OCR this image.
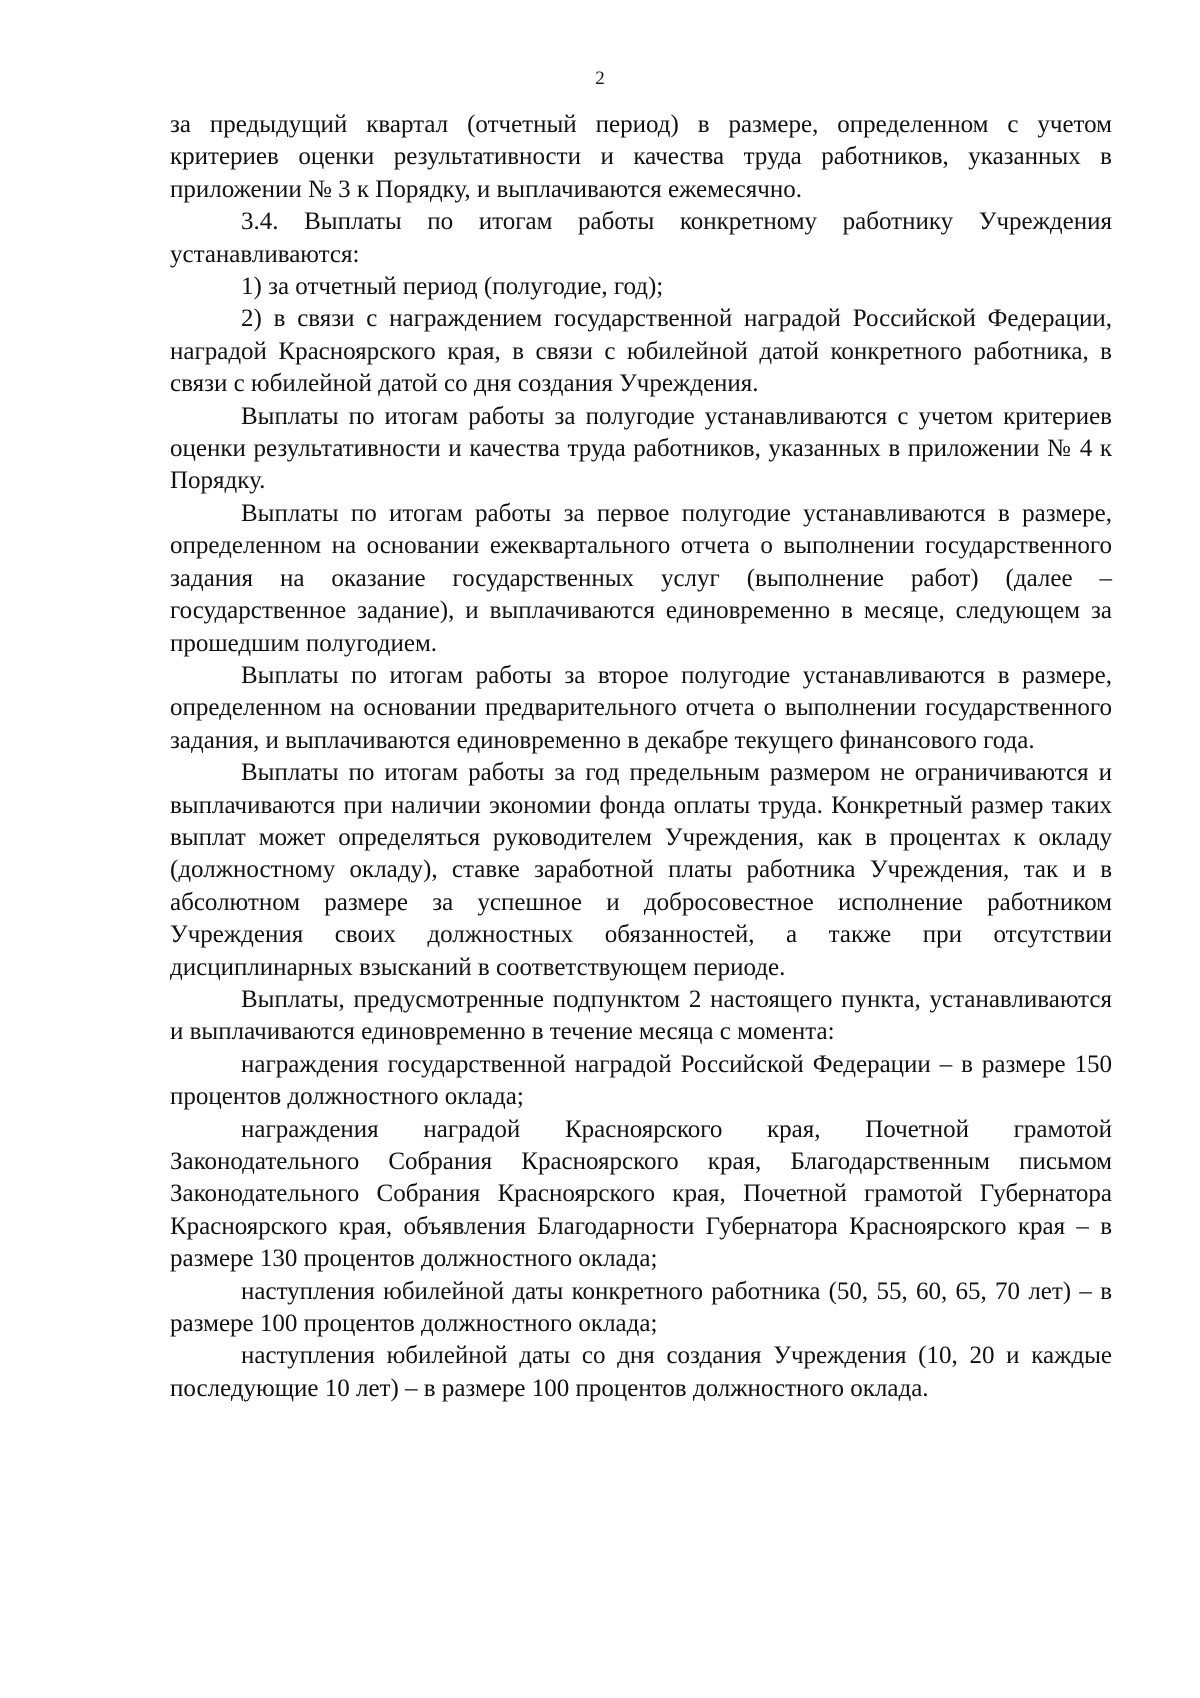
2

за предыдущий квартал (отчетный период) в размере, определенном с учетом критериев оценки результативности и качества труда работников, указанных в приложении № 3 к Порядку, и выплачиваются ежемесячно.

3.4. Выплаты по итогам работы конкретному работнику Учреждения устанавливаются:

1) за отчетный период (полугодие, год);

2) в связи с награждением государственной наградой Российской Федерации, наградой Красноярского края, в связи с юбилейной датой конкретного работника, в связи с юбилейной датой со дня создания Учреждения.

Выплаты по итогам работы за полугодие устанавливаются с учетом критериев оценки результативности и качества труда работников, указанных в приложении № 4 к Порядку.

Выплаты по итогам работы за первое полугодие устанавливаются в размере, определенном на основании ежеквартального отчета о выполнении государственного задания на оказание государственных услуг (выполнение работ) (далее – государственное задание), и выплачиваются единовременно в месяце, следующем за прошедшим полугодием.

Выплаты по итогам работы за второе полугодие устанавливаются в размере, определенном на основании предварительного отчета о выполнении государственного задания, и выплачиваются единовременно в декабре текущего финансового года.

Выплаты по итогам работы за год предельным размером не ограничиваются и выплачиваются при наличии экономии фонда оплаты труда. Конкретный размер таких выплат может определяться руководителем Учреждения, как в процентах к окладу (должностному окладу), ставке заработной платы работника Учреждения, так и в абсолютном размере за успешное и добросовестное исполнение работником Учреждения своих должностных обязанностей, а также при отсутствии дисциплинарных взысканий в соответствующем периоде.

Выплаты, предусмотренные подпунктом 2 настоящего пункта, устанавливаются и выплачиваются единовременно в течение месяца с момента:

награждения государственной наградой Российской Федерации – в размере 150 процентов должностного оклада;

награждения наградой Красноярского края, Почетной грамотой Законодательного Собрания Красноярского края, Благодарственным письмом Законодательного Собрания Красноярского края, Почетной грамотой Губернатора Красноярского края, объявления Благодарности Губернатора Красноярского края – в размере 130 процентов должностного оклада;

наступления юбилейной даты конкретного работника (50, 55, 60, 65, 70 лет) – в размере 100 процентов должностного оклада;

наступления юбилейной даты со дня создания Учреждения (10, 20 и каждые последующие 10 лет) – в размере 100 процентов должностного оклада.
